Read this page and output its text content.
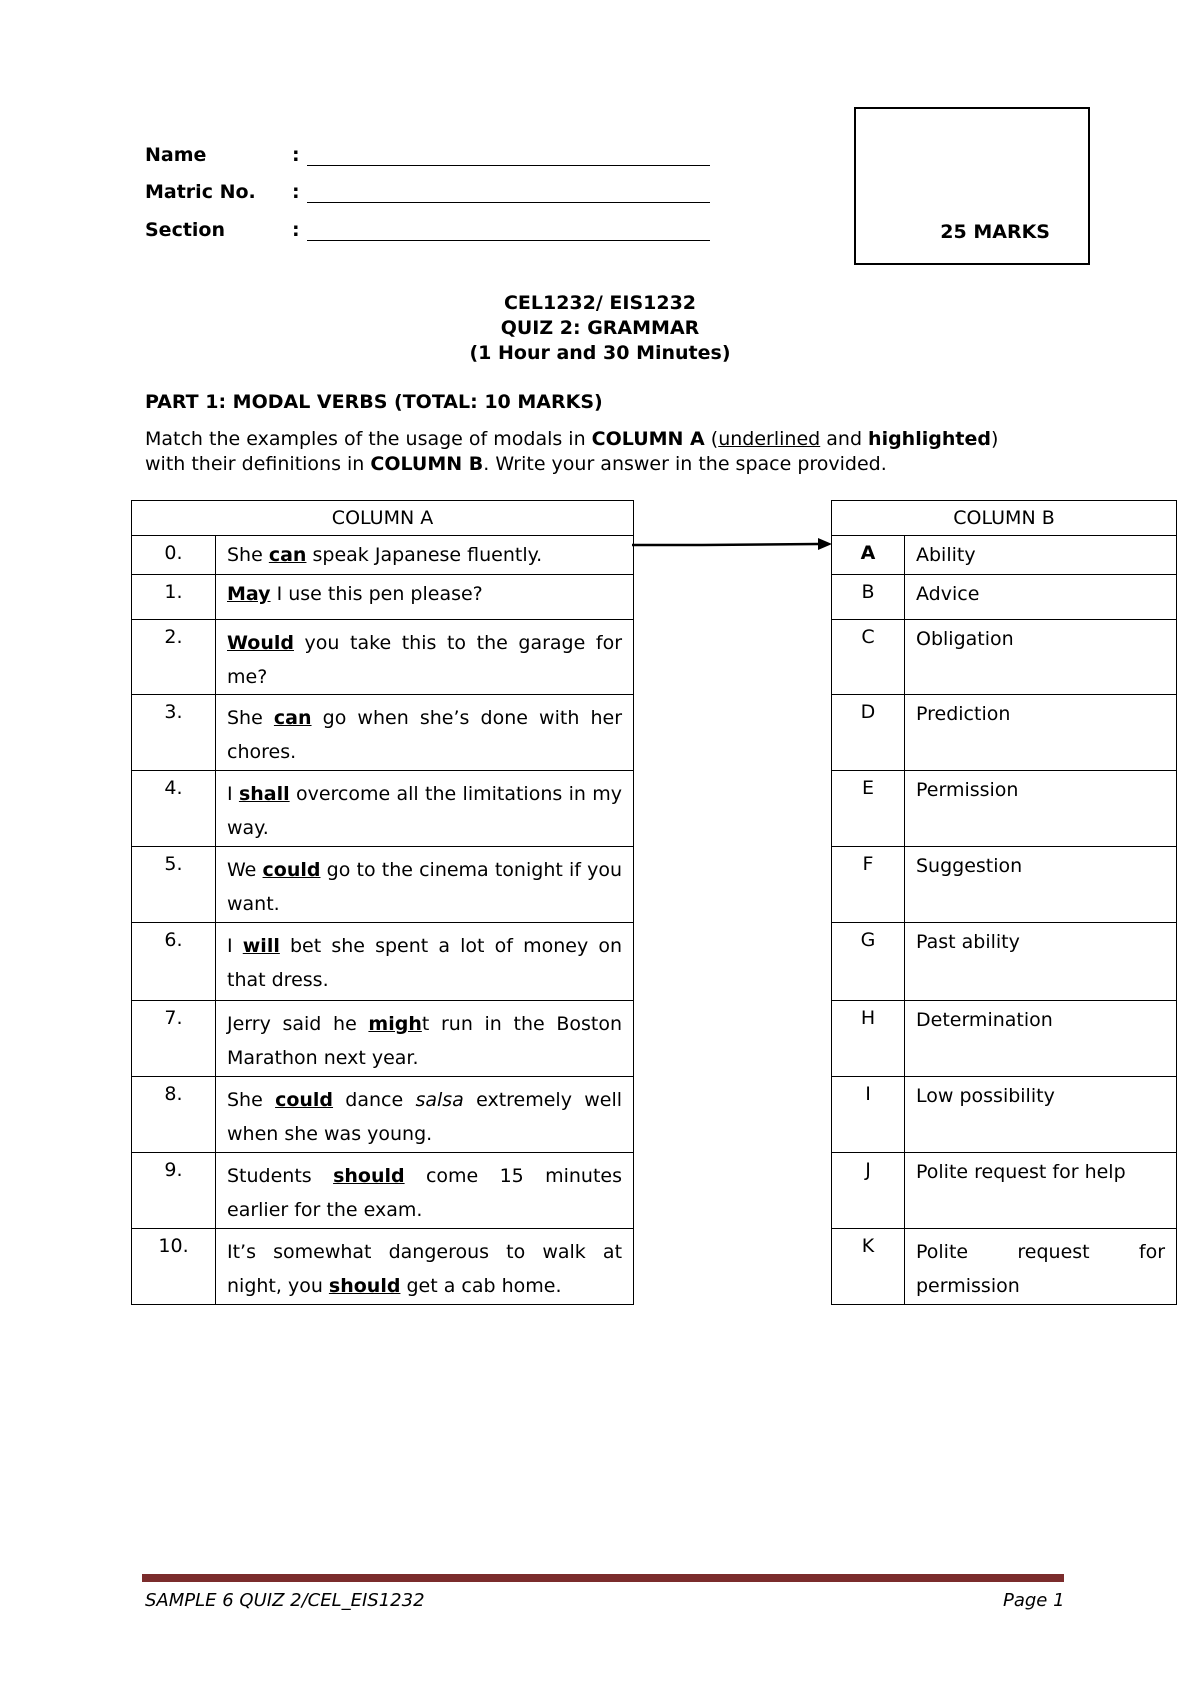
Name	:
Matric No. :
Section	:	25 MARKS
CEL1232/ EIS1232
QUIZ 2: GRAMMAR
(1 Hour and 30 Minutes)
PART 1: MODAL VERBS (TOTAL: 10 MARKS)
Match the examples of the usage of modals in COLUMN A (underlined and highlighted)
with their definitions in COLUMN B. Write your answer in the space provided.
COLUMN A	
0.	She can speak Japanese fluently.
1.	May I use this pen please?
2.	Would you take this to the garage for me?
3.	She can go when she’s done with her chores.
4.	I shall overcome all the limitations in my way.
5.	We could go to the cinema tonight if you want.
6.	I will bet she spent a lot of money on that dress.
7.	Jerry said he might run in the Boston Marathon next year.
8.	She could dance salsa extremely well when she was young.
9.	Students should come 15 minutes earlier for the exam.
10.	It’s somewhat dangerous to walk at night, you should get a cab home.
COLUMN B	
A	Ability
B	Advice
C	Obligation
D	Prediction
E	Permission
F	Suggestion
G	Past ability
H	Determination
I	Low possibility
J	Polite request for help
K	Polite request for permission
SAMPLE 6 QUIZ 2/CEL_EIS1232	Page 1
